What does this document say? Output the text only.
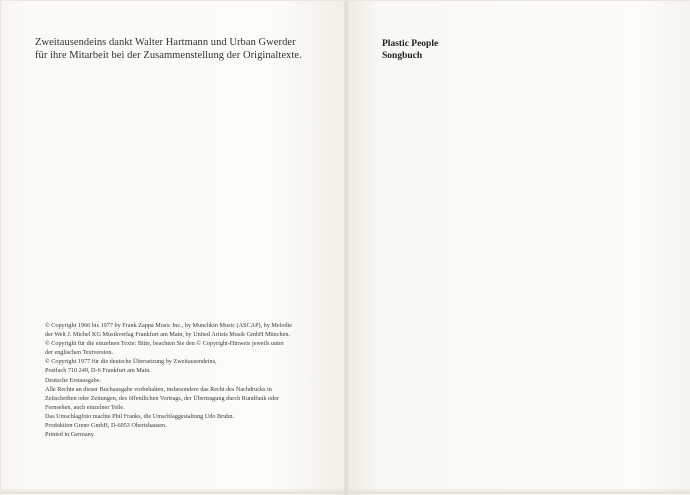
Zweitausendeins dankt Walter Hartmann und Urban Gwerder
für ihre Mitarbeit bei der Zusammenstellung der Originaltexte.
© Copyright 1966 bis 1977 by Frank Zappa Music Inc., by Munchkin Music (ASCAP), by Melodie
der Welt J. Michel KG Musikverlag Frankfurt am Main, by United Artists Musik GmbH München.
© Copyright für die einzelnen Texte: Bitte, beachten Sie den © Copyright-Hinweis jeweils unter
der englischen Textversion.
© Copyright 1977 für die deutsche Übersetzung by Zweitausendeins,
Postfach 710 249, D-6 Frankfurt am Main.
Deutsche Erstausgabe.
Alle Rechte an dieser Buchausgabe vorbehalten, insbesondere das Recht des Nachdrucks in
Zeitschriften oder Zeitungen, des öffentlichen Vortrags, der Übertragung durch Rundfunk oder
Fernsehen, auch einzelner Teile.
Das Umschlagfoto machte Phil Franks, die Umschlaggestaltung Udo Bruhn.
Produktion Greno GmbH, D-6053 Obertshausen.
Printed in Germany.
Plastic People
Songbuch
